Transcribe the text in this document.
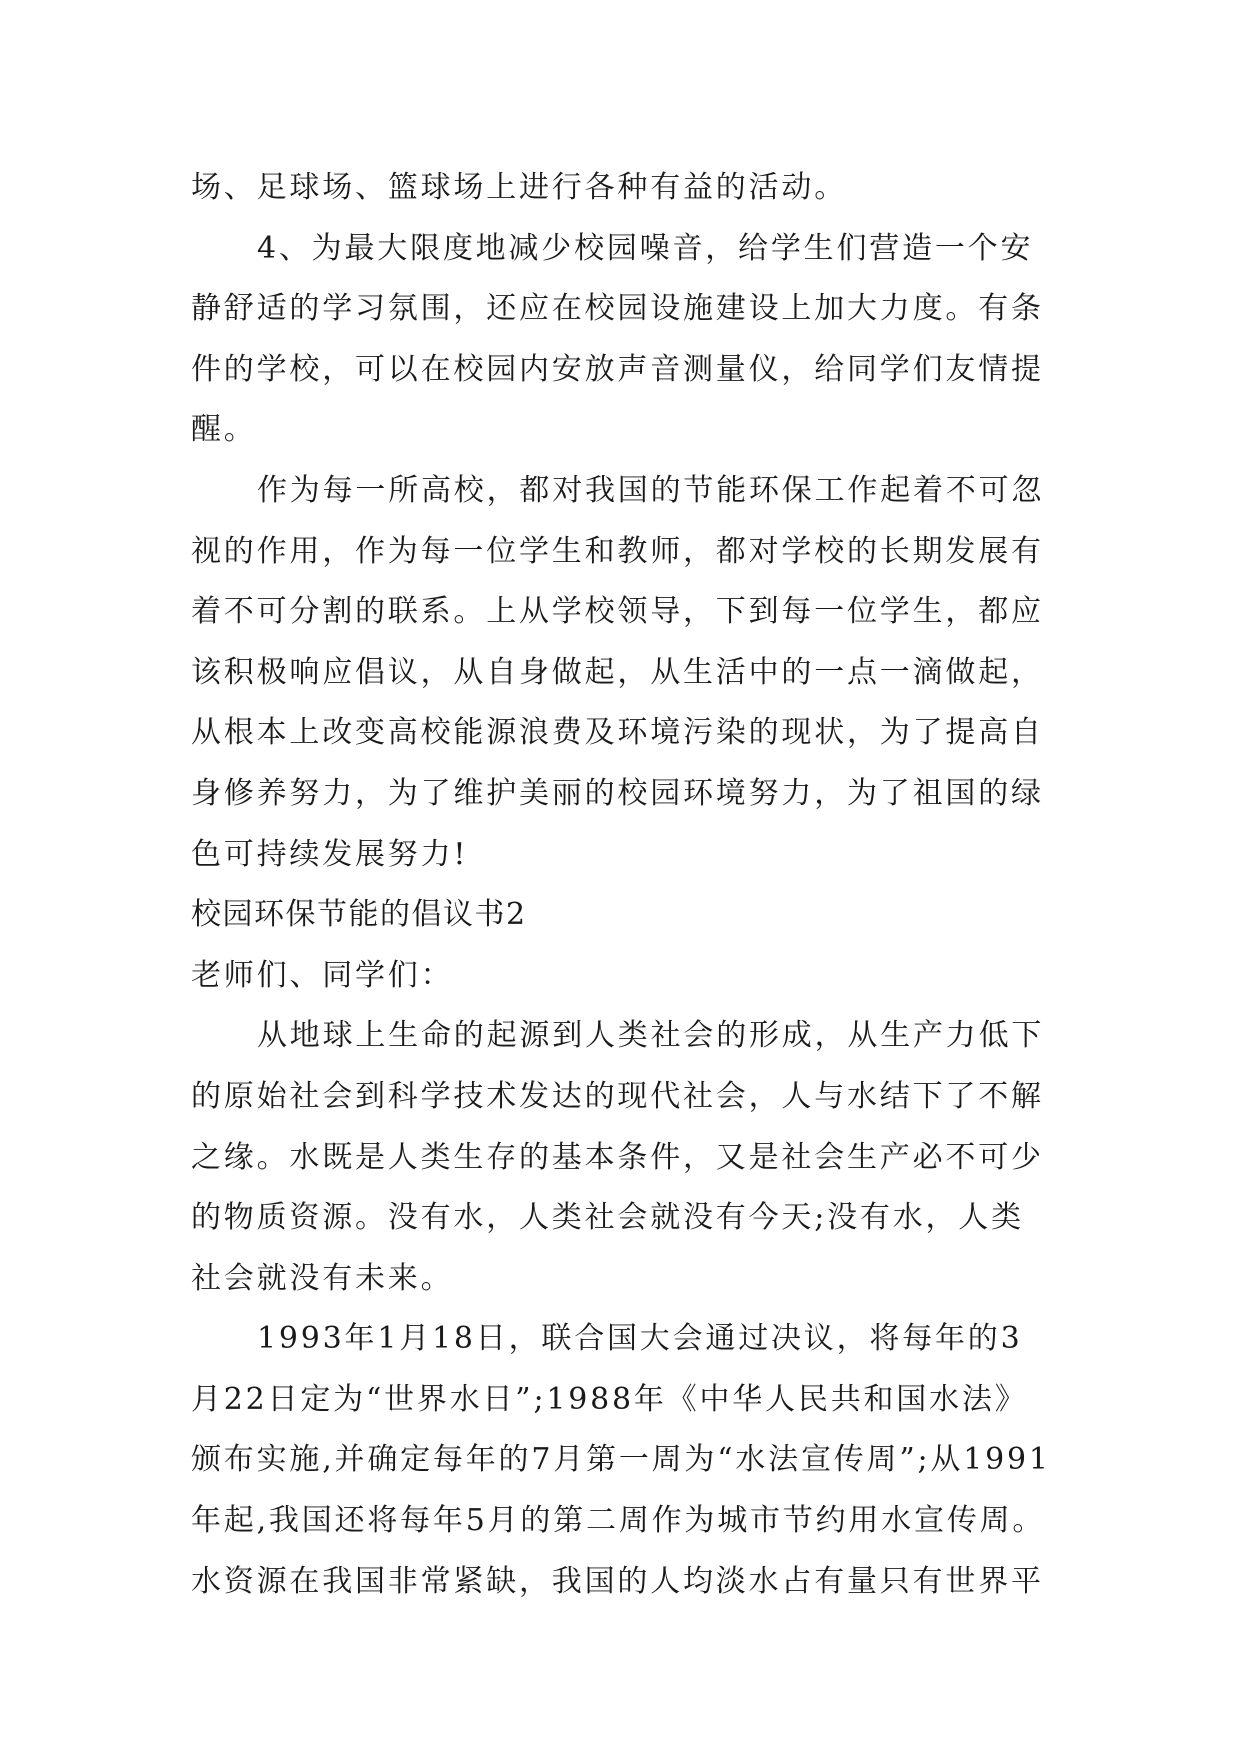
场、足球场、篮球场上进行各种有益的活动。
4、为最大限度地减少校园噪音，给学生们营造一个安
静舒适的学习氛围，还应在校园设施建设上加大力度。有条
件的学校，可以在校园内安放声音测量仪，给同学们友情提
醒。
作为每一所高校，都对我国的节能环保工作起着不可忽
视的作用，作为每一位学生和教师，都对学校的长期发展有
着不可分割的联系。上从学校领导，下到每一位学生，都应
该积极响应倡议，从自身做起，从生活中的一点一滴做起，
从根本上改变高校能源浪费及环境污染的现状，为了提高自
身修养努力，为了维护美丽的校园环境努力，为了祖国的绿
色可持续发展努力!
校园环保节能的倡议书2
老师们、同学们：
从地球上生命的起源到人类社会的形成，从生产力低下
的原始社会到科学技术发达的现代社会，人与水结下了不解
之缘。水既是人类生存的基本条件，又是社会生产必不可少
的物质资源。没有水，人类社会就没有今天;没有水，人类
社会就没有未来。
1993年1月18日，联合国大会通过决议，将每年的3
月22日定为“世界水日”;1988年《中华人民共和国水法》
颁布实施,并确定每年的7月第一周为“水法宣传周”;从1991
年起,我国还将每年5月的第二周作为城市节约用水宣传周。
水资源在我国非常紧缺，我国的人均淡水占有量只有世界平
